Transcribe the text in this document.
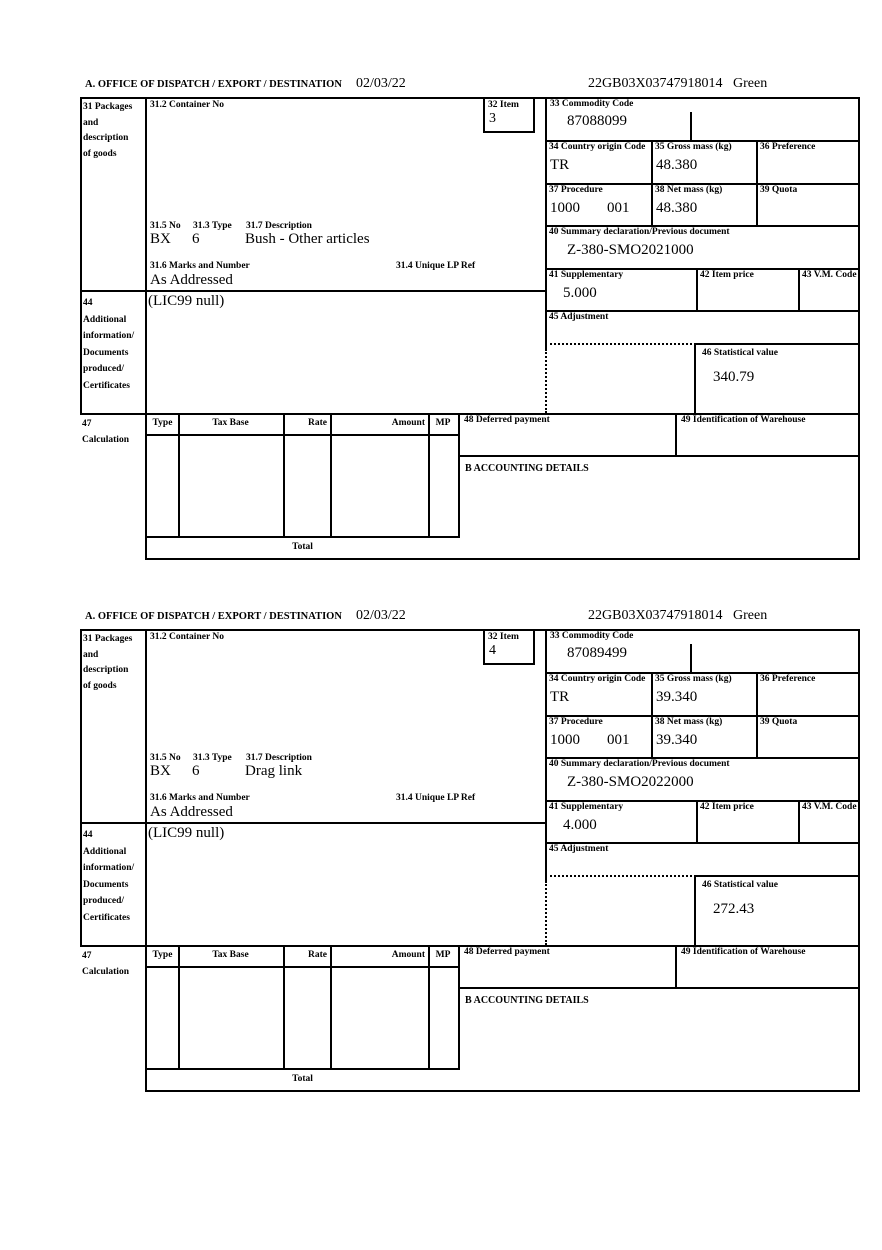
A. OFFICE OF DISPATCH / EXPORT / DESTINATION 02/03/22	22GB03X03747918014 Green
31 Packages
and
description
of goods
31.2 Container No	32 Item
3
31.5 No 31.3 Type 31.7 Description
BX 6	Bush - Other articles
31.6 Marks and Number	31.4 Unique LP Ref
As Addressed
44
Additional
information/
Documents
produced/
Certificates
(LIC99 null)
33 Commodity Code
87088099
34 Country origin Code
TR
35 Gross mass (kg)
48.380
36 Preference
37 Procedure
1000 001
38 Net mass (kg)
48.380
39 Quota
40 Summary declaration/Previous document
Z-380-SMO2021000
41 Supplementary
5.000
42 Item price	43 V.M. Code
45 Adjustment
46 Statistical value
340.79
47
Calculation
Type	Tax Base	Rate	Amount	MP	48 Deferred payment	49 Identification of Warehouse
B ACCOUNTING DETAILS
Total
A. OFFICE OF DISPATCH / EXPORT / DESTINATION 02/03/22	22GB03X03747918014 Green
31 Packages
and
description
of goods
31.2 Container No	32 Item
4
31.5 No 31.3 Type 31.7 Description
BX 6	Drag link
31.6 Marks and Number	31.4 Unique LP Ref
As Addressed
44
Additional
information/
Documents
produced/
Certificates
(LIC99 null)
33 Commodity Code
87089499
34 Country origin Code
TR
35 Gross mass (kg)
39.340
36 Preference
37 Procedure
1000 001
38 Net mass (kg)
39.340
39 Quota
40 Summary declaration/Previous document
Z-380-SMO2022000
41 Supplementary
4.000
42 Item price	43 V.M. Code
45 Adjustment
46 Statistical value
272.43
47
Calculation
Type	Tax Base	Rate	Amount	MP	48 Deferred payment	49 Identification of Warehouse
B ACCOUNTING DETAILS
Total
